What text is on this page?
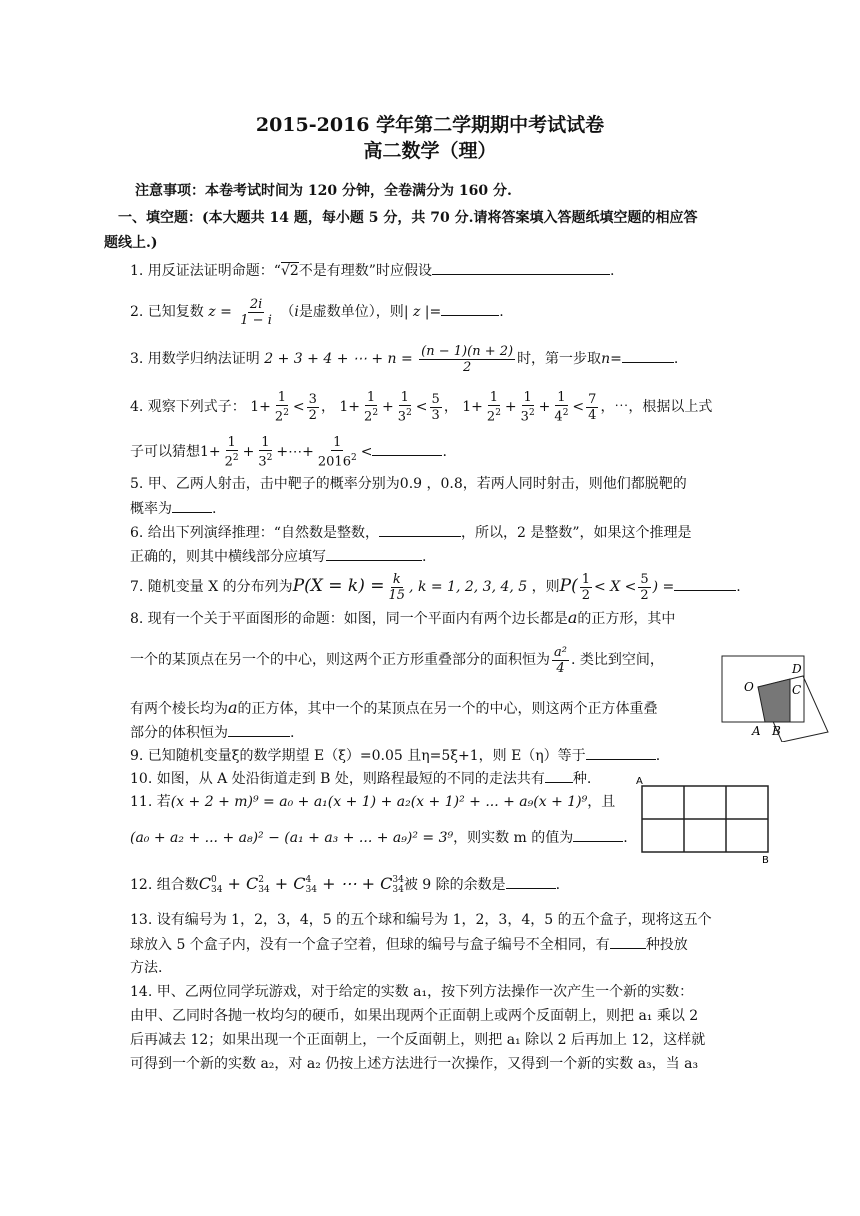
2015-2016 学年第二学期期中考试试卷
高二数学（理）
注意事项：本卷考试时间为 120 分钟，全卷满分为 160 分.
一、填空题：(本大题共 14 题，每小题 5 分，共 70 分.请将答案填入答题纸填空题的相应答
题线上.)
1. 用反证法证明命题：“√2不是有理数”时应假设	.
2. 已知复数 $z = \frac{2i}{1 - i} (i$是虚数单位），则| z |=	.
3. 用数学归纳法证明 2 + 3 + 4 + ⋯ + $n = \frac{(n - 1)(n + 2)}{2}$ 时，第一步取n=	.
4. 观察下列式子： $1+ \frac{1}{2^2} < \frac{3}{2}$ ， $1+ \frac{1}{2^2} + \frac{1}{3^2} < \frac{5}{3}$ ， $1+ \frac{1}{2^2} + \frac{1}{3^2} + \frac{1}{4^2} < \frac{7}{4}$ ，⋯，根据以上式
子可以猜想$1+ \frac{1}{2^2} + \frac{1}{3^2}$ +⋯+ $\frac{1}{2016^2}$ <	.
5. 甲、乙两人射击，击中靶子的概率分别为0.9 ，0.8，若两人同时射击，则他们都脱靶的
概率为	.
6. 给出下列演绎推理：“自然数是整数，	，所以，2 是整数”，如果这个推理是
正确的，则其中横线部分应填写	.
7. 随机变量 X 的分布列为$P(X = k) = \frac{k}{15}$ , k = 1, 2, 3, 4, 5 ，则$P( \frac{1}{2} < X < \frac{5}{2}$ ) =	.
8. 现有一个关于平面图形的命题：如图，同一个平面内有两个边长都是a的正方形，其中
一个的某顶点在另一个的中心，则这两个正方形重叠部分的面积恒为 $\frac{\text{a²}}{4}$ . 类比到空间，
有两个棱长均为a的正方体，其中一个的某顶点在另一个的中心，则这两个正方体重叠
部分的体积恒为	.
O	C
D
A B
9. 已知随机变量ξ的数学期望 E（ξ）=0.05 且η=5ξ+1，则 E（η）等于	.
10. 如图，从 A 处沿街道走到 B 处，则路程最短的不同的走法共有 种.	A
B
11. 若(x + 2 + m)⁹ = a₀ + a₁(x + 1) + a₂(x + 1)² + ... + a₉(x + 1)⁹，且
(a₀ + a₂ + ... + a₈)² − (a₁ + a₃ + ... + a₉)² = 3⁹，则实数 m 的值为	.
12. 组合数C0
34 + C2
34 + C4
34 + ⋯ + C34
34 被 9 除的余数是	.
13. 设有编号为 1，2，3，4，5 的五个球和编号为 1，2，3，4，5 的五个盒子，现将这五个
球放入 5 个盒子内，没有一个盒子空着，但球的编号与盒子编号不全相同，有	种投放
方法.
14. 甲、乙两位同学玩游戏，对于给定的实数 a₁，按下列方法操作一次产生一个新的实数：
由甲、乙同时各抛一枚均匀的硬币，如果出现两个正面朝上或两个反面朝上，则把 a₁ 乘以 2
后再减去 12；如果出现一个正面朝上，一个反面朝上，则把 a₁ 除以 2 后再加上 12，这样就
可得到一个新的实数 a₂，对 a₂ 仍按上述方法进行一次操作，又得到一个新的实数 a₃，当 a₃
